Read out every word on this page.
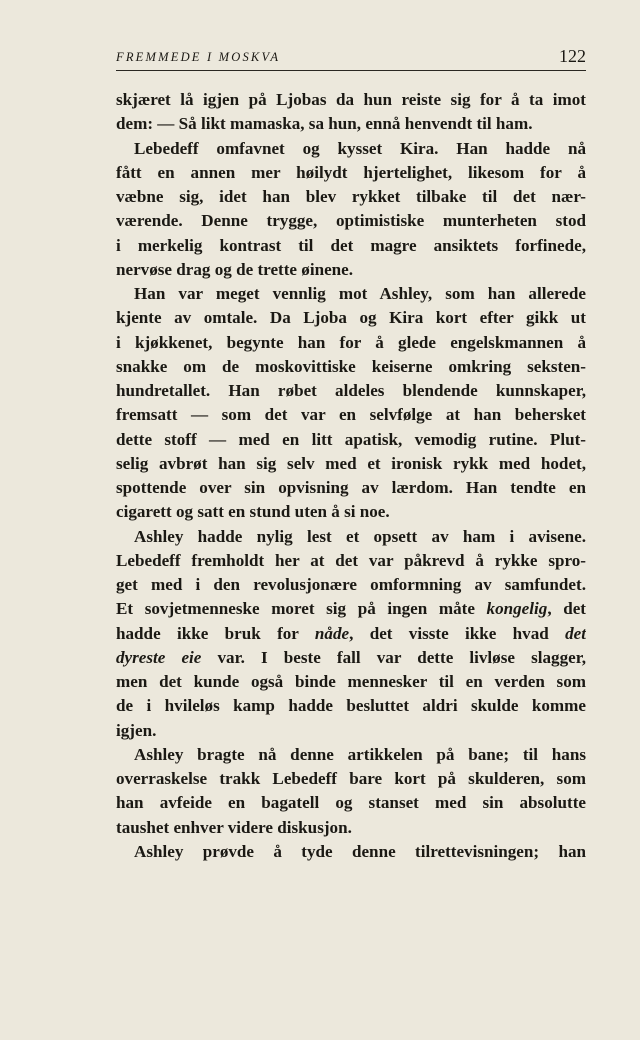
FREMMEDE I MOSKVA	122
skjæret lå igjen på Ljobas da hun reiste sig for å ta imot
dem: — Så likt mamaska, sa hun, ennå henvendt til ham.
Lebedeff omfavnet og kysset Kira. Han hadde nå
fått en annen mer høilydt hjertelighet, likesom for å
væbne sig, idet han blev rykket tilbake til det nær-
værende. Denne trygge, optimistiske munterheten stod
i merkelig kontrast til det magre ansiktets forfinede,
nervøse drag og de trette øinene.
Han var meget vennlig mot Ashley, som han allerede
kjente av omtale. Da Ljoba og Kira kort efter gikk ut
i kjøkkenet, begynte han for å glede engelskmannen å
snakke om de moskovittiske keiserne omkring seksten-
hundretallet. Han røbet aldeles blendende kunnskaper,
fremsatt — som det var en selvfølge at han behersket
dette stoff — med en litt apatisk, vemodig rutine. Plut-
selig avbrøt han sig selv med et ironisk rykk med hodet,
spottende over sin opvisning av lærdom. Han tendte en
cigarett og satt en stund uten å si noe.
Ashley hadde nylig lest et opsett av ham i avisene.
Lebedeff fremholdt her at det var påkrevd å rykke spro-
get med i den revolusjonære omformning av samfundet.
Et sovjetmenneske moret sig på ingen måte kongelig, det
hadde ikke bruk for nåde, det visste ikke hvad det
dyreste eie var. I beste fall var dette livløse slagger,
men det kunde også binde mennesker til en verden som
de i hvileløs kamp hadde besluttet aldri skulde komme
igjen.
Ashley bragte nå denne artikkelen på bane; til hans
overraskelse trakk Lebedeff bare kort på skulderen, som
han avfeide en bagatell og stanset med sin absolutte
taushet enhver videre diskusjon.
Ashley prøvde å tyde denne tilrettevisningen; han
